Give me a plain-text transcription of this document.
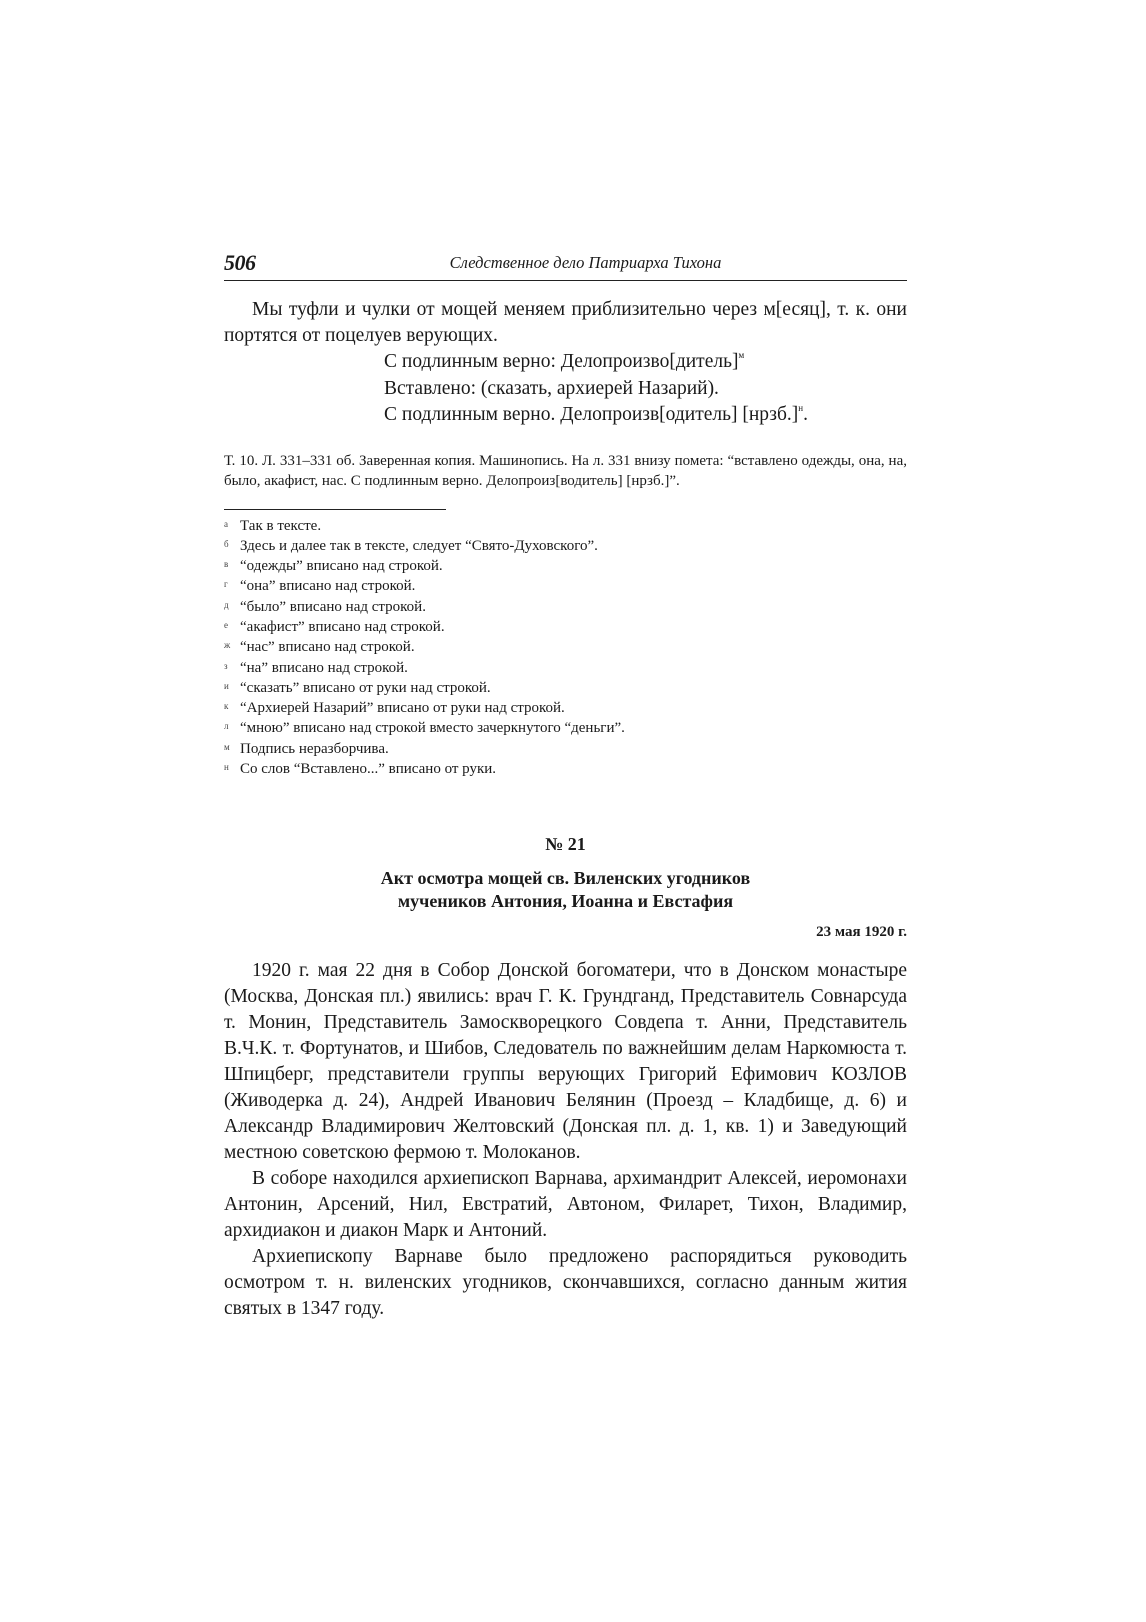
506	Следственное дело Патриарха Тихона

Мы туфли и чулки от мощей меняем приблизительно через м[есяц], т. к. они портятся от поцелуев верующих.

С подлинным верно: Делопроизво[дитель]$^м$
Вставлено: (сказать, архиерей Назарий).
С подлинным верно. Делопроизв[одитель] [нрзб.]$^н$.

Т. 10. Л. 331–331 об. Заверенная копия. Машинопись. На л. 331 внизу помета: “вставлено одежды, она, на, было, акафист, нас. С подлинным верно. Делопроиз[водитель] [нрзб.]”.

а Так в тексте.
б Здесь и далее так в тексте, следует “Свято-Духовского”.
в “одежды” вписано над строкой.
г “она” вписано над строкой.
д “было” вписано над строкой.
е “акафист” вписано над строкой.
ж “нас” вписано над строкой.
з “на” вписано над строкой.
и “сказать” вписано от руки над строкой.
к “Архиерей Назарий” вписано от руки над строкой.
л “мною” вписано над строкой вместо зачеркнутого “деньги”.
м Подпись неразборчива.
н Со слов “Вставлено...” вписано от руки.
№ 21
Акт осмотра мощей св. Виленских угодников
мучеников Антония, Иоанна и Евстафия
23 мая 1920 г.

1920 г. мая 22 дня в Собор Донской богоматери, что в Донском монастыре (Москва, Донская пл.) явились: врач Г. К. Грундганд, Представитель Совнарсуда т. Монин, Представитель Замоскворецкого Совдепа т. Анни, Представитель В.Ч.К. т. Фортунатов, и Шибов, Следователь по важнейшим делам Наркомюста т. Шпицберг, представители группы верующих Григорий Ефимович КОЗЛОВ (Живодерка д. 24), Андрей Иванович Белянин (Проезд – Кладбище, д. 6) и Александр Владимирович Желтовский (Донская пл. д. 1, кв. 1) и Заведующий местною советскою фермою т. Молоканов.

В соборе находился архиепископ Варнава, архимандрит Алексей, иеромонахи Антонин, Арсений, Нил, Евстратий, Автоном, Филарет, Тихон, Владимир, архидиакон и диакон Марк и Антоний.

Архиепископу Варнаве было предложено распорядиться руководить осмотром т. н. виленских угодников, скончавшихся, согласно данным жития святых в 1347 году.
